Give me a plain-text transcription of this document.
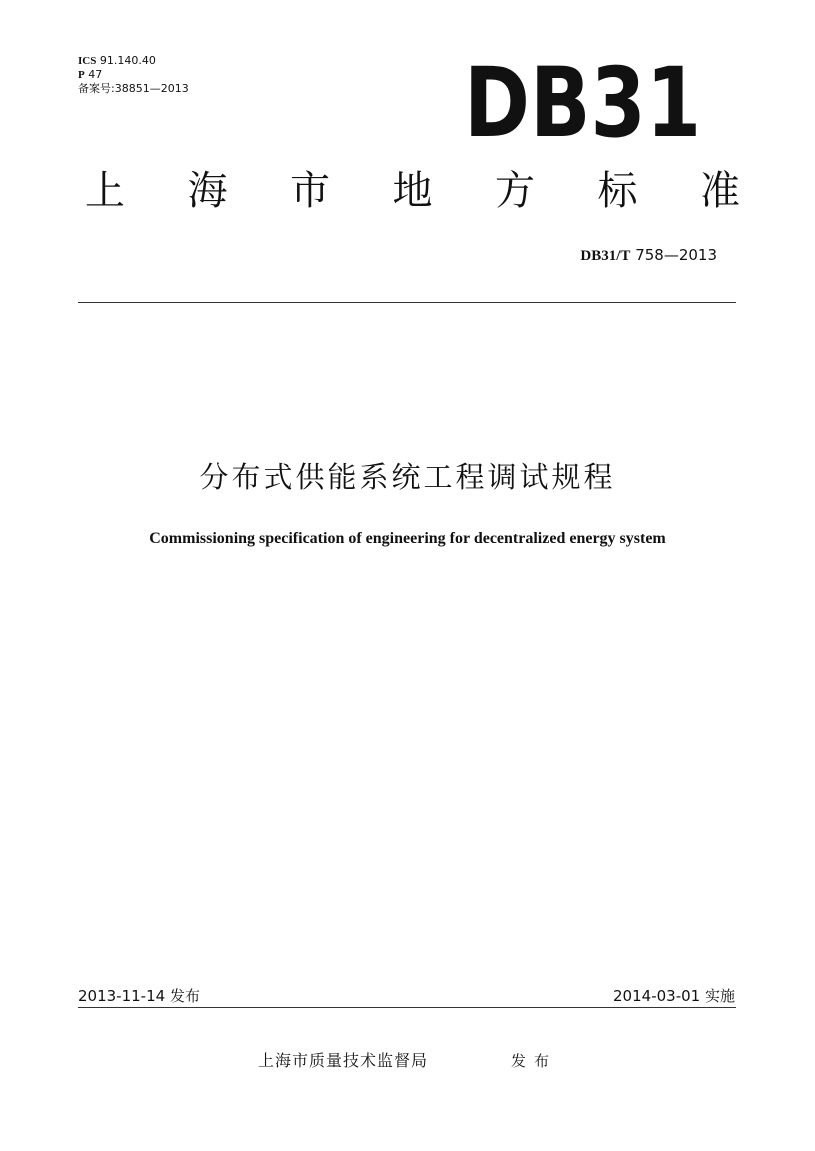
ICS 91.140.40
P 47
备案号:38851—2013	DB31
上 海 市 地 方 标 准
DB31/T 758—2013
分布式供能系统工程调试规程
Commissioning specification of engineering for decentralized energy system
2013-11-14 发布	2014-03-01 实施
上海市质量技术监督局	发布
